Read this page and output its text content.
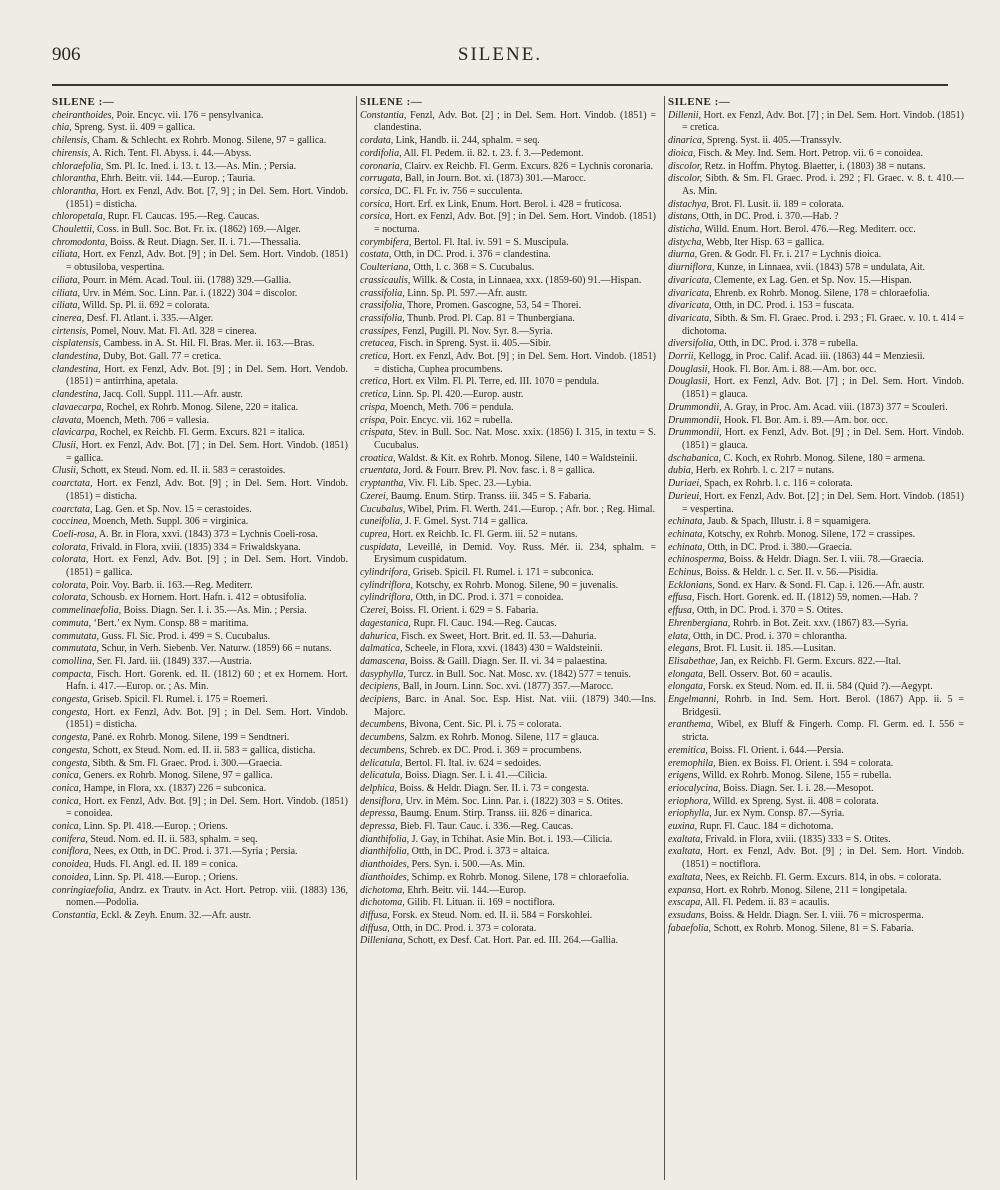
906	SILENE.
SILENE :—

cheiranthoides, Poir. Encyc. vii. 176 = pensylvanica.

chia, Spreng. Syst. ii. 409 = gallica.

chilensis, Cham. & Schlecht. ex Rohrb. Monog. Silene, 97 = gallica.

chirensis, A. Rich. Tent. Fl. Abyss. i. 44.—Abyss.

chloraefolia, Sm. Pl. Ic. Ined. i. 13. t. 13.—As. Min. ; Persia.

chlorantha, Ehrh. Beitr. vii. 144.—Europ. ; Tauria.

chlorantha, Hort. ex Fenzl, Adv. Bot. [7, 9] ; in Del. Sem. Hort. Vindob. (1851) = disticha.

chloropetala, Rupr. Fl. Caucas. 195.—Reg. Caucas.

Choulettii, Coss. in Bull. Soc. Bot. Fr. ix. (1862) 169.—Alger.

chromodonta, Boiss. & Reut. Diagn. Ser. II. i. 71.—Thessalia.

ciliata, Hort. ex Fenzl, Adv. Bot. [9] ; in Del. Sem. Hort. Vindob. (1851) = obtusiloba, vespertina.

ciliata, Pourr. in Mém. Acad. Toul. iii. (1788) 329.—Gallia.

ciliata, Urv. in Mém. Soc. Linn. Par. i. (1822) 304 = discolor.

ciliata, Willd. Sp. Pl. ii. 692 = colorata.

cinerea, Desf. Fl. Atlant. i. 335.—Alger.

cirtensis, Pomel, Nouv. Mat. Fl. Atl. 328 = cinerea.

cisplatensis, Cambess. in A. St. Hil. Fl. Bras. Mer. ii. 163.—Bras.

clandestina, Duby, Bot. Gall. 77 = cretica.

clandestina, Hort. ex Fenzl, Adv. Bot. [9] ; in Del. Sem. Hort. Vendob. (1851) = antirrhina, apetala.

clandestina, Jacq. Coll. Suppl. 111.—Afr. austr.

clavaecarpa, Rochel, ex Rohrb. Monog. Silene, 220 = italica.

clavata, Moench, Meth. 706 = vallesia.

clavicarpa, Rochel, ex Reichb. Fl. Germ. Excurs. 821 = italica.

Clusii, Hort. ex Fenzl, Adv. Bot. [7] ; in Del. Sem. Hort. Vindob. (1851) = gallica.

Clusii, Schott, ex Steud. Nom. ed. II. ii. 583 = cerastoides.

coarctata, Hort. ex Fenzl, Adv. Bot. [9] ; in Del. Sem. Hort. Vindob. (1851) = disticha.

coarctata, Lag. Gen. et Sp. Nov. 15 = cerastoides.

coccinea, Moench, Meth. Suppl. 306 = virginica.

Coeli-rosa, A. Br. in Flora, xxvi. (1843) 373 = Lychnis Coeli-rosa.

colorata, Frivald. in Flora, xviii. (1835) 334 = Friwaldskyana.

colorata, Hort. ex Fenzl, Adv. Bot. [9] ; in Del. Sem. Hort. Vindob. (1851) = gallica.

colorata, Poir. Voy. Barb. ii. 163.—Reg. Mediterr.

colorata, Schousb. ex Hornem. Hort. Hafn. i. 412 = obtusifolia.

commelinaefolia, Boiss. Diagn. Ser. I. i. 35.—As. Min. ; Persia.

commuta, ‘Bert.’ ex Nym. Consp. 88 = maritima.

commutata, Guss. Fl. Sic. Prod. i. 499 = S. Cucubalus.

commutata, Schur, in Verh. Siebenb. Ver. Naturw. (1859) 66 = nutans.

comollina, Ser. Fl. Jard. iii. (1849) 337.—Austria.

compacta, Fisch. Hort. Gorenk. ed. II. (1812) 60 ; et ex Hornem. Hort. Hafn. i. 417.—Europ. or. ; As. Min.

congesta, Griseb. Spicil. Fl. Rumel. i. 175 = Roemeri.

congesta, Hort. ex Fenzl, Adv. Bot. [9] ; in Del. Sem. Hort. Vindob. (1851) = disticha.

congesta, Pané. ex Rohrb. Monog. Silene, 199 = Sendtneri.

congesta, Schott, ex Steud. Nom. ed. II. ii. 583 = gallica, disticha.

congesta, Sibth. & Sm. Fl. Graec. Prod. i. 300.—Graecia.

conica, Geners. ex Rohrb. Monog. Silene, 97 = gallica.

conica, Hampe, in Flora, xx. (1837) 226 = subconica.

conica, Hort. ex Fenzl, Adv. Bot. [9] ; in Del. Sem. Hort. Vindob. (1851) = conoidea.

conica, Linn. Sp. Pl. 418.—Europ. ; Oriens.

conifera, Steud. Nom. ed. II. ii. 583, sphalm. = seq.

coniflora, Nees, ex Otth, in DC. Prod. i. 371.—Syria ; Persia.

conoidea, Huds. Fl. Angl. ed. II. 189 = conica.

conoidea, Linn. Sp. Pl. 418.—Europ. ; Oriens.

conringiaefolia, Andrz. ex Trautv. in Act. Hort. Petrop. viii. (1883) 136, nomen.—Podolia.

Constantia, Eckl. & Zeyh. Enum. 32.—Afr. austr.

SILENE :—

Constantia, Fenzl, Adv. Bot. [2] ; in Del. Sem. Hort. Vindob. (1851) = clandestina.

cordata, Link, Handb. ii. 244, sphalm. = seq.

cordifolia, All. Fl. Pedem. ii. 82. t. 23. f. 3.—Pedemont.

coronaria, Clairv. ex Reichb. Fl. Germ. Excurs. 826 = Lychnis coronaria.

corrugata, Ball, in Journ. Bot. xi. (1873) 301.—Marocc.

corsica, DC. Fl. Fr. iv. 756 = succulenta.

corsica, Hort. Erf. ex Link, Enum. Hort. Berol. i. 428 = fruticosa.

corsica, Hort. ex Fenzl, Adv. Bot. [9] ; in Del. Sem. Hort. Vindob. (1851) = nocturna.

corymbifera, Bertol. Fl. Ital. iv. 591 = S. Muscipula.

costata, Otth, in DC. Prod. i. 376 = clandestina.

Coulteriana, Otth, l. c. 368 = S. Cucubalus.

crassicaulis, Willk. & Costa, in Linnaea, xxx. (1859-60) 91.—Hispan.

crassifolia, Linn. Sp. Pl. 597.—Afr. austr.

crassifolia, Thore, Promen. Gascogne, 53, 54 = Thorei.

crassifolia, Thunb. Prod. Pl. Cap. 81 = Thunbergiana.

crassipes, Fenzl, Pugill. Pl. Nov. Syr. 8.—Syria.

cretacea, Fisch. in Spreng. Syst. ii. 405.—Sibir.

cretica, Hort. ex Fenzl, Adv. Bot. [9] ; in Del. Sem. Hort. Vindob. (1851) = disticha, Cuphea procumbens.

cretica, Hort. ex Vilm. Fl. Pl. Terre, ed. III. 1070 = pendula.

cretica, Linn. Sp. Pl. 420.—Europ. austr.

crispa, Moench, Meth. 706 = pendula.

crispa, Poir. Encyc. vii. 162 = rubella.

crispata, Stev. in Bull. Soc. Nat. Mosc. xxix. (1856) I. 315, in textu = S. Cucubalus.

croatica, Waldst. & Kit. ex Rohrb. Monog. Silene, 140 = Waldsteinii.

cruentata, Jord. & Fourr. Brev. Pl. Nov. fasc. i. 8 = gallica.

cryptantha, Viv. Fl. Lib. Spec. 23.—Lybia.

Czerei, Baumg. Enum. Stirp. Transs. iii. 345 = S. Fabaria.

Cucubalus, Wibel, Prim. Fl. Werth. 241.—Europ. ; Afr. bor. ; Reg. Himal.

cuneifolia, J. F. Gmel. Syst. 714 = gallica.

cuprea, Hort. ex Reichb. Ic. Fl. Germ. iii. 52 = nutans.

cuspidata, Leveillé, in Demid. Voy. Russ. Mér. ii. 234, sphalm. = Erysimum cuspidatum.

cylindrifora, Griseb. Spicil. Fl. Rumel. i. 171 = subconica.

cylindriflora, Kotschy, ex Rohrb. Monog. Silene, 90 = juvenalis.

cylindriflora, Otth, in DC. Prod. i. 371 = conoidea.

Czerei, Boiss. Fl. Orient. i. 629 = S. Fabaria.

dagestanica, Rupr. Fl. Cauc. 194.—Reg. Caucas.

dahurica, Fisch. ex Sweet, Hort. Brit. ed. II. 53.—Dahuria.

dalmatica, Scheele, in Flora, xxvi. (1843) 430 = Waldsteinii.

damascena, Boiss. & Gaill. Diagn. Ser. II. vi. 34 = palaestina.

dasyphylla, Turcz. in Bull. Soc. Nat. Mosc. xv. (1842) 577 = tenuis.

decipiens, Ball, in Journ. Linn. Soc. xvi. (1877) 357.—Marocc.

decipiens, Barc. in Anal. Soc. Esp. Hist. Nat. viii. (1879) 340.—Ins. Majorc.

decumbens, Bivona, Cent. Sic. Pl. i. 75 = colorata.

decumbens, Salzm. ex Rohrb. Monog. Silene, 117 = glauca.

decumbens, Schreb. ex DC. Prod. i. 369 = procumbens.

delicatula, Bertol. Fl. Ital. iv. 624 = sedoides.

delicatula, Boiss. Diagn. Ser. I. i. 41.—Cilicia.

delphica, Boiss. & Heldr. Diagn. Ser. II. i. 73 = congesta.

densiflora, Urv. in Mém. Soc. Linn. Par. i. (1822) 303 = S. Otites.

depressa, Baumg. Enum. Stirp. Transs. iii. 826 = dinarica.

depressa, Bieb. Fl. Taur. Cauc. i. 336.—Reg. Caucas.

dianthifolia, J. Gay, in Tchihat. Asie Min. Bot. i. 193.—Cilicia.

dianthifolia, Otth, in DC. Prod. i. 373 = altaica.

dianthoides, Pers. Syn. i. 500.—As. Min.

dianthoides, Schimp. ex Rohrb. Monog. Silene, 178 = chloraefolia.

dichotoma, Ehrh. Beitr. vii. 144.—Europ.

dichotoma, Gilib. Fl. Lituan. ii. 169 = noctiflora.

diffusa, Forsk. ex Steud. Nom. ed. II. ii. 584 = Forskohlei.

diffusa, Otth, in DC. Prod. i. 373 = colorata.

Dilleniana, Schott, ex Desf. Cat. Hort. Par. ed. III. 264.—Gallia.

SILENE :—

Dillenii, Hort. ex Fenzl, Adv. Bot. [7] ; in Del. Sem. Hort. Vindob. (1851) = cretica.

dinarica, Spreng. Syst. ii. 405.—Transsylv.

dioica, Fisch. & Mey. Ind. Sem. Hort. Petrop. vii. 6 = conoidea.

discolor, Retz. in Hoffm. Phytog. Blaetter, i. (1803) 38 = nutans.

discolor, Sibth. & Sm. Fl. Graec. Prod. i. 292 ; Fl. Graec. v. 8. t. 410.—As. Min.

distachya, Brot. Fl. Lusit. ii. 189 = colorata.

distans, Otth, in DC. Prod. i. 370.—Hab. ?

disticha, Willd. Enum. Hort. Berol. 476.—Reg. Mediterr. occ.

distycha, Webb, Iter Hisp. 63 = gallica.

diurna, Gren. & Godr. Fl. Fr. i. 217 = Lychnis dioica.

diurniflora, Kunze, in Linnaea, xvii. (1843) 578 = undulata, Ait.

divaricata, Clemente, ex Lag. Gen. et Sp. Nov. 15.—Hispan.

divaricata, Ehrenb. ex Rohrb. Monog. Silene, 178 = chloraefolia.

divaricata, Otth, in DC. Prod. i. 153 = fuscata.

divaricata, Sibth. & Sm. Fl. Graec. Prod. i. 293 ; Fl. Graec. v. 10. t. 414 = dichotoma.

diversifolia, Otth, in DC. Prod. i. 378 = rubella.

Dorrii, Kellogg, in Proc. Calif. Acad. iii. (1863) 44 = Menziesii.

Douglasii, Hook. Fl. Bor. Am. i. 88.—Am. bor. occ.

Douglasii, Hort. ex Fenzl, Adv. Bot. [7] ; in Del. Sem. Hort. Vindob. (1851) = glauca.

Drummondii, A. Gray, in Proc. Am. Acad. viii. (1873) 377 = Scouleri.

Drummondii, Hook. Fl. Bor. Am. i. 89.—Am. bor. occ.

Drummondii, Hort. ex Fenzl, Adv. Bot. [9] ; in Del. Sem. Hort. Vindob. (1851) = glauca.

dschabanica, C. Koch, ex Rohrb. Monog. Silene, 180 = armena.

dubia, Herb. ex Rohrb. l. c. 217 = nutans.

Duriaei, Spach, ex Rohrb. l. c. 116 = colorata.

Durieui, Hort. ex Fenzl, Adv. Bot. [2] ; in Del. Sem. Hort. Vindob. (1851) = vespertina.

echinata, Jaub. & Spach, Illustr. i. 8 = squamigera.

echinata, Kotschy, ex Rohrb. Monog. Silene, 172 = crassipes.

echinata, Otth, in DC. Prod. i. 380.—Graecia.

echinosperma, Boiss. & Heldr. Diagn. Ser. I. viii. 78.—Graecia.

Echinus, Boiss. & Heldr. l. c. Ser. II. v. 56.—Pisidia.

Ecklonians, Sond. ex Harv. & Sond. Fl. Cap. i. 126.—Afr. austr.

effusa, Fisch. Hort. Gorenk. ed. II. (1812) 59, nomen.—Hab. ?

effusa, Otth, in DC. Prod. i. 370 = S. Otites.

Ehrenbergiana, Rohrb. in Bot. Zeit. xxv. (1867) 83.—Syria.

elata, Otth, in DC. Prod. i. 370 = chlorantha.

elegans, Brot. Fl. Lusit. ii. 185.—Lusitan.

Elisabethae, Jan, ex Reichb. Fl. Germ. Excurs. 822.—Ital.

elongata, Bell. Osserv. Bot. 60 = acaulis.

elongata, Forsk. ex Steud. Nom. ed. II. ii. 584 (Quid ?).—Aegypt.

Engelmanni, Rohrb. in Ind. Sem. Hort. Berol. (1867) App. ii. 5 = Bridgesii.

eranthema, Wibel, ex Bluff & Fingerh. Comp. Fl. Germ. ed. I. 556 = stricta.

eremitica, Boiss. Fl. Orient. i. 644.—Persia.

eremophila, Bien. ex Boiss. Fl. Orient. i. 594 = colorata.

erigens, Willd. ex Rohrb. Monog. Silene, 155 = rubella.

eriocalycina, Boiss. Diagn. Ser. I. i. 28.—Mesopot.

eriophora, Willd. ex Spreng. Syst. ii. 408 = colorata.

eriophylla, Jur. ex Nym. Consp. 87.—Syria.

euxina, Rupr. Fl. Cauc. 184 = dichotoma.

exaltata, Frivald. in Flora, xviii. (1835) 333 = S. Otites.

exaltata, Hort. ex Fenzl, Adv. Bot. [9] ; in Del. Sem. Hort. Vindob. (1851) = noctiflora.

exaltata, Nees, ex Reichb. Fl. Germ. Excurs. 814, in obs. = colorata.

expansa, Hort. ex Rohrb. Monog. Silene, 211 = longipetala.

exscapa, All. Fl. Pedem. ii. 83 = acaulis.

exsudans, Boiss. & Heldr. Diagn. Ser. I. viii. 76 = microsperma.

fabaefolia, Schott, ex Rohrb. Monog. Silene, 81 = S. Fabaria.
